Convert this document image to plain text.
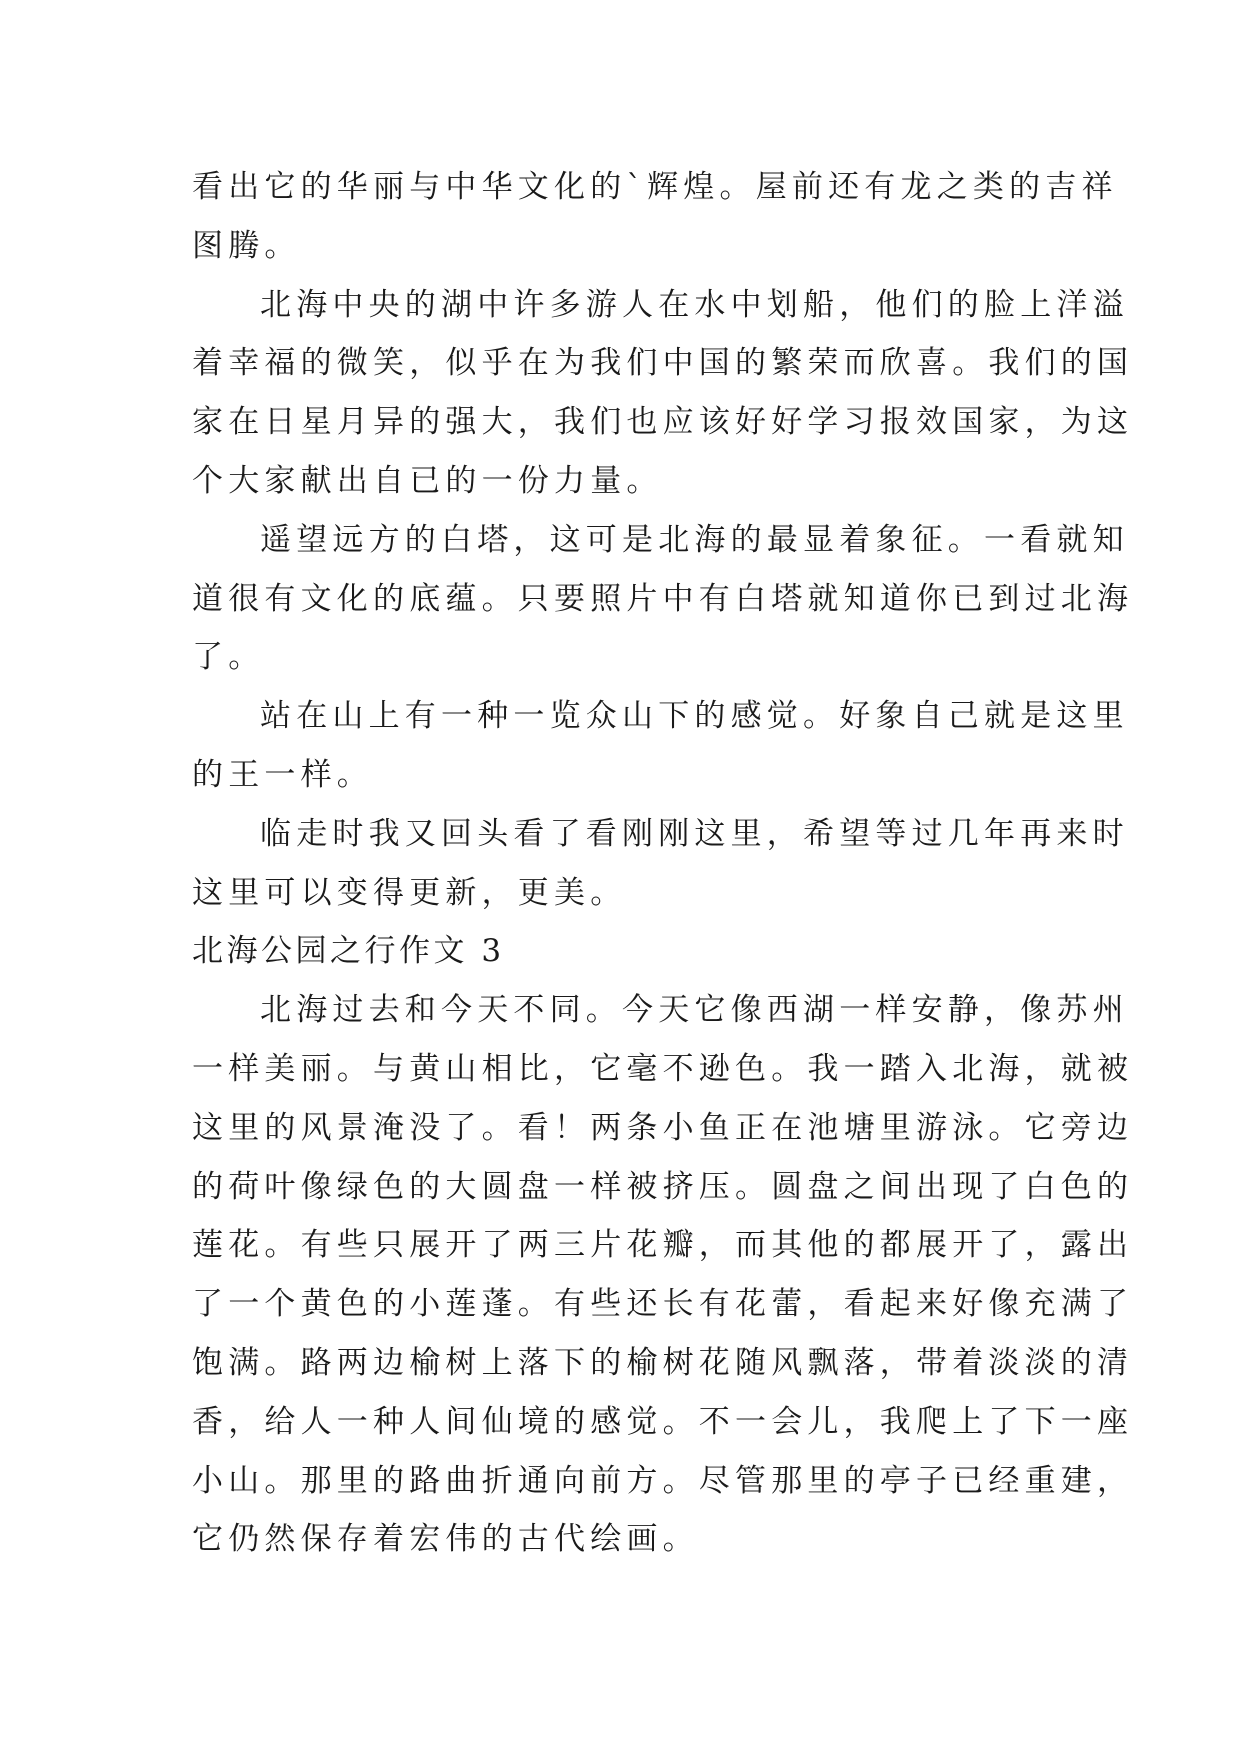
看出它的华丽与中华文化的`辉煌。屋前还有龙之类的吉祥
图腾。
北海中央的湖中许多游人在水中划船，他们的脸上洋溢
着幸福的微笑，似乎在为我们中国的繁荣而欣喜。我们的国
家在日星月异的强大，我们也应该好好学习报效国家，为这
个大家献出自已的一份力量。
遥望远方的白塔，这可是北海的最显着象征。一看就知
道很有文化的底蕴。只要照片中有白塔就知道你已到过北海
了。
站在山上有一种一览众山下的感觉。好象自己就是这里
的王一样。
临走时我又回头看了看刚刚这里，希望等过几年再来时
这里可以变得更新，更美。
北海公园之行作文 3
北海过去和今天不同。今天它像西湖一样安静，像苏州
一样美丽。与黄山相比，它毫不逊色。我一踏入北海，就被
这里的风景淹没了。看！两条小鱼正在池塘里游泳。它旁边
的荷叶像绿色的大圆盘一样被挤压。圆盘之间出现了白色的
莲花。有些只展开了两三片花瓣，而其他的都展开了，露出
了一个黄色的小莲蓬。有些还长有花蕾，看起来好像充满了
饱满。路两边榆树上落下的榆树花随风飘落，带着淡淡的清
香，给人一种人间仙境的感觉。不一会儿，我爬上了下一座
小山。那里的路曲折通向前方。尽管那里的亭子已经重建，
它仍然保存着宏伟的古代绘画。
